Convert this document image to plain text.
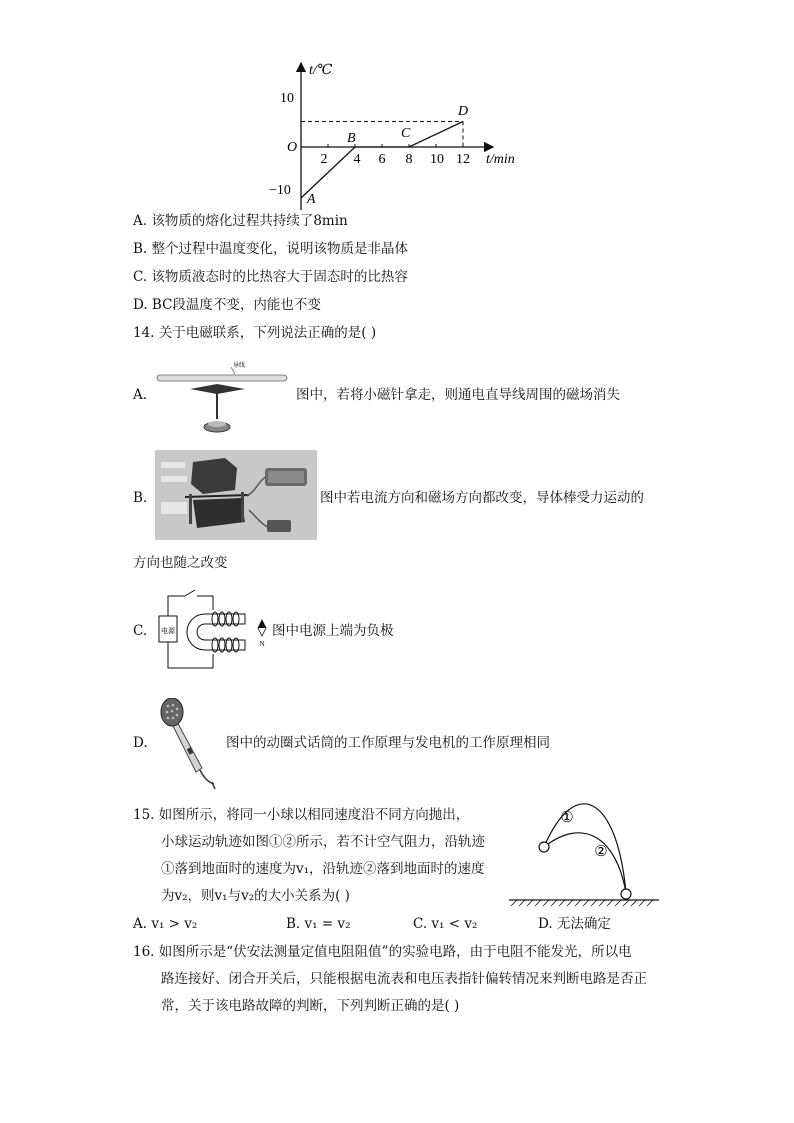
t/℃
t/min
O
10
−10
2 4 6 8 10 12
A
B	C
D
A. 该物质的熔化过程共持续了8min
B. 整个过程中温度变化，说明该物质是非晶体
C. 该物质液态时的比热容大于固态时的比热容
D. BC段温度不变，内能也不变
14. 关于电磁联系，下列说法正确的是( )
A.
导线
图中，若将小磁针拿走，则通电直导线周围的磁场消失
B.	图中若电流方向和磁场方向都改变，导体棒受力运动的
方向也随之改变
C. 电源
N
图中电源上端为负极
D.	图中的动圈式话筒的工作原理与发电机的工作原理相同
15. 如图所示，将同一小球以相同速度沿不同方向抛出，
小球运动轨迹如图①②所示，若不计空气阻力，沿轨迹
①落到地面时的速度为v₁，沿轨迹②落到地面时的速度
为v₂，则v₁与v₂的大小关系为( )
①
②
A. v₁ > v₂	B. v₁ = v₂	C. v₁ < v₂	D. 无法确定
16. 如图所示是“伏安法测量定值电阻阻值”的实验电路，由于电阻不能发光，所以电
路连接好、闭合开关后，只能根据电流表和电压表指针偏转情况来判断电路是否正
常，关于该电路故障的判断，下列判断正确的是( )
